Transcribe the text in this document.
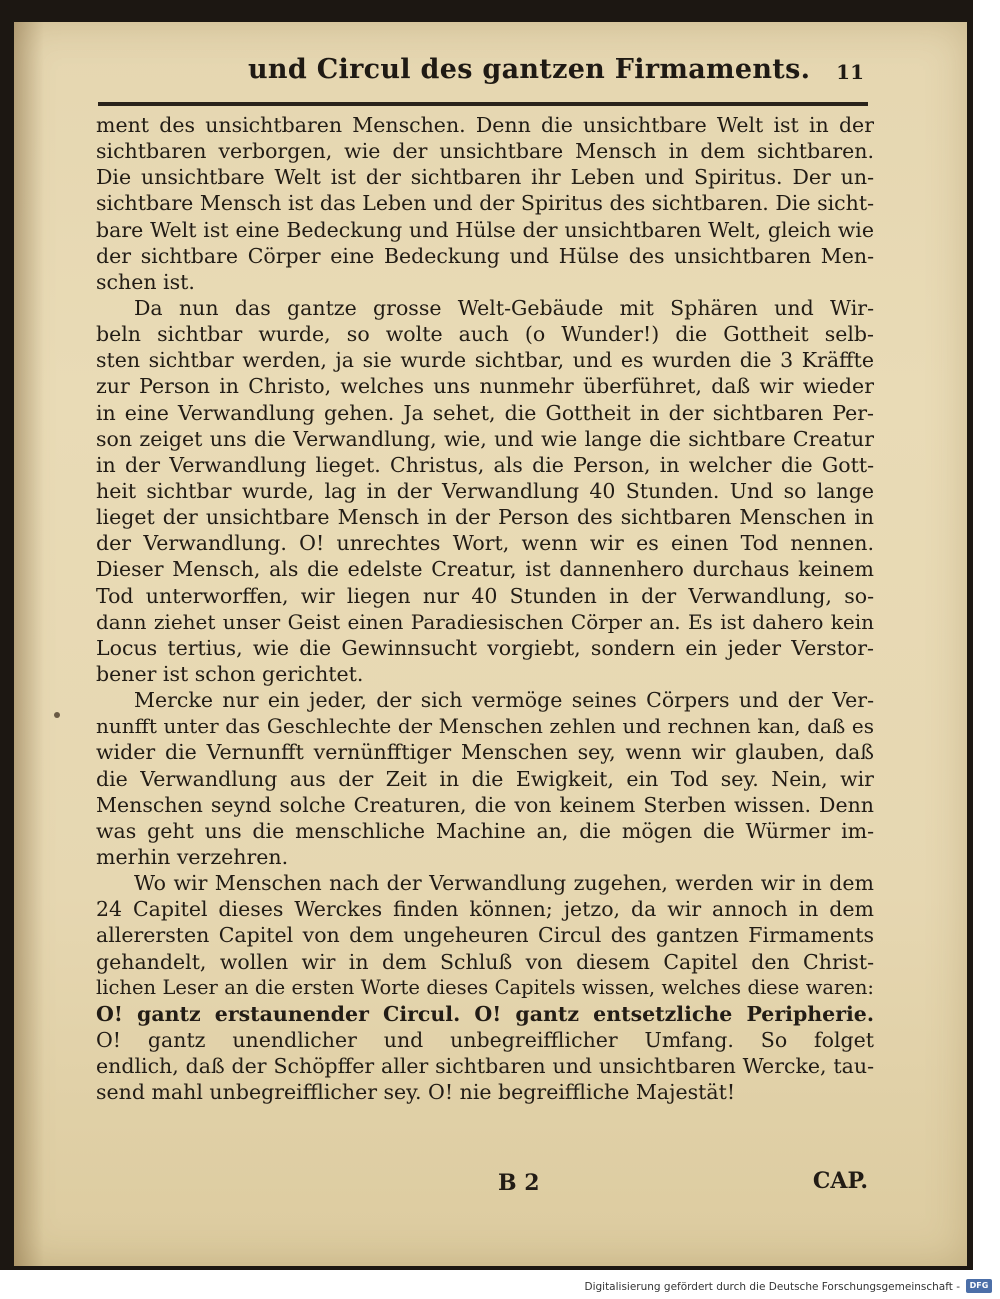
und Circul des gantzen Firmaments. 11
ment des unsichtbaren Menschen. Denn die unsichtbare Welt ist in der
sichtbaren verborgen, wie der unsichtbare Mensch in dem sichtbaren.
Die unsichtbare Welt ist der sichtbaren ihr Leben und Spiritus. Der un-
sichtbare Mensch ist das Leben und der Spiritus des sichtbaren. Die sicht-
bare Welt ist eine Bedeckung und Hülse der unsichtbaren Welt, gleich wie
der sichtbare Cörper eine Bedeckung und Hülse des unsichtbaren Men-
schen ist.
Da nun das gantze grosse Welt-Gebäude mit Sphären und Wir-
beln sichtbar wurde, so wolte auch (o Wunder!) die Gottheit selb-
sten sichtbar werden, ja sie wurde sichtbar, und es wurden die 3 Kräffte
zur Person in Christo, welches uns nunmehr überführet, daß wir wieder
in eine Verwandlung gehen. Ja sehet, die Gottheit in der sichtbaren Per-
son zeiget uns die Verwandlung, wie, und wie lange die sichtbare Creatur
in der Verwandlung lieget. Christus, als die Person, in welcher die Gott-
heit sichtbar wurde, lag in der Verwandlung 40 Stunden. Und so lange
lieget der unsichtbare Mensch in der Person des sichtbaren Menschen in
der Verwandlung. O! unrechtes Wort, wenn wir es einen Tod nennen.
Dieser Mensch, als die edelste Creatur, ist dannenhero durchaus keinem
Tod unterworffen, wir liegen nur 40 Stunden in der Verwandlung, so-
dann ziehet unser Geist einen Paradiesischen Cörper an. Es ist dahero kein
Locus tertius, wie die Gewinnsucht vorgiebt, sondern ein jeder Verstor-
bener ist schon gerichtet.
Mercke nur ein jeder, der sich vermöge seines Cörpers und der Ver-
nunfft unter das Geschlechte der Menschen zehlen und rechnen kan, daß es
wider die Vernunfft vernünfftiger Menschen sey, wenn wir glauben, daß
die Verwandlung aus der Zeit in die Ewigkeit, ein Tod sey. Nein, wir
Menschen seynd solche Creaturen, die von keinem Sterben wissen. Denn
was geht uns die menschliche Machine an, die mögen die Würmer im-
merhin verzehren.
Wo wir Menschen nach der Verwandlung zugehen, werden wir in dem
24 Capitel dieses Werckes finden können; jetzo, da wir annoch in dem
allerersten Capitel von dem ungeheuren Circul des gantzen Firmaments
gehandelt, wollen wir in dem Schluß von diesem Capitel den Christ-
lichen Leser an die ersten Worte dieses Capitels wissen, welches diese waren:
O! gantz erstaunender Circul. O! gantz entsetzliche Peripherie.
O! gantz unendlicher und unbegreifflicher Umfang. So folget
endlich, daß der Schöpffer aller sichtbaren und unsichtbaren Wercke, tau-
send mahl unbegreifflicher sey. O! nie begreiffliche Majestät!
B 2	CAP.
Digitalisierung gefördert durch die Deutsche Forschungsgemeinschaft -	DFG
